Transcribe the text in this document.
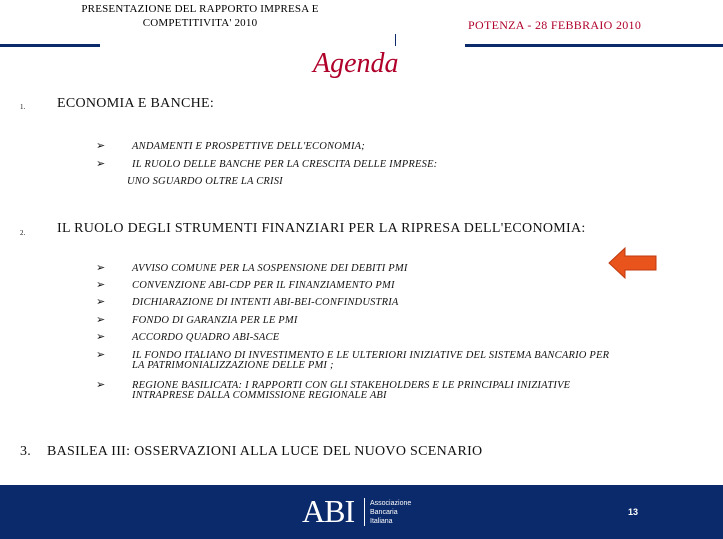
PRESENTAZIONE DEL RAPPORTO IMPRESA E
COMPETITIVITA' 2010	POTENZA - 28 FEBBRAIO 2010
Agenda
1. ECONOMIA E BANCHE:
➢	ANDAMENTI E PROSPETTIVE DELL'ECONOMIA;
➢	IL RUOLO DELLE BANCHE PER LA CRESCITA DELLE IMPRESE:
UNO SGUARDO OLTRE LA CRISI
2. IL RUOLO DEGLI STRUMENTI FINANZIARI PER LA RIPRESA DELL'ECONOMIA:
➢	AVVISO COMUNE PER LA SOSPENSIONE DEI DEBITI PMI
➢	CONVENZIONE ABI-CDP PER IL FINANZIAMENTO PMI
➢	DICHIARAZIONE DI INTENTI ABI-BEI-CONFINDUSTRIA
➢	FONDO DI GARANZIA PER LE PMI
➢	ACCORDO QUADRO ABI-SACE
➢	IL FONDO ITALIANO DI INVESTIMENTO E LE ULTERIORI INIZIATIVE DEL SISTEMA BANCARIO PER
LA PATRIMONIALIZZAZIONE DELLE PMI ;
➢	REGIONE BASILICATA: I RAPPORTI CON GLI STAKEHOLDERS E LE PRINCIPALI INIZIATIVE
INTRAPRESE DALLA COMMISSIONE REGIONALE ABI
3. BASILEA III: OSSERVAZIONI ALLA LUCE DEL NUOVO SCENARIO
ABI Associazione
Bancaria
Italiana
13
